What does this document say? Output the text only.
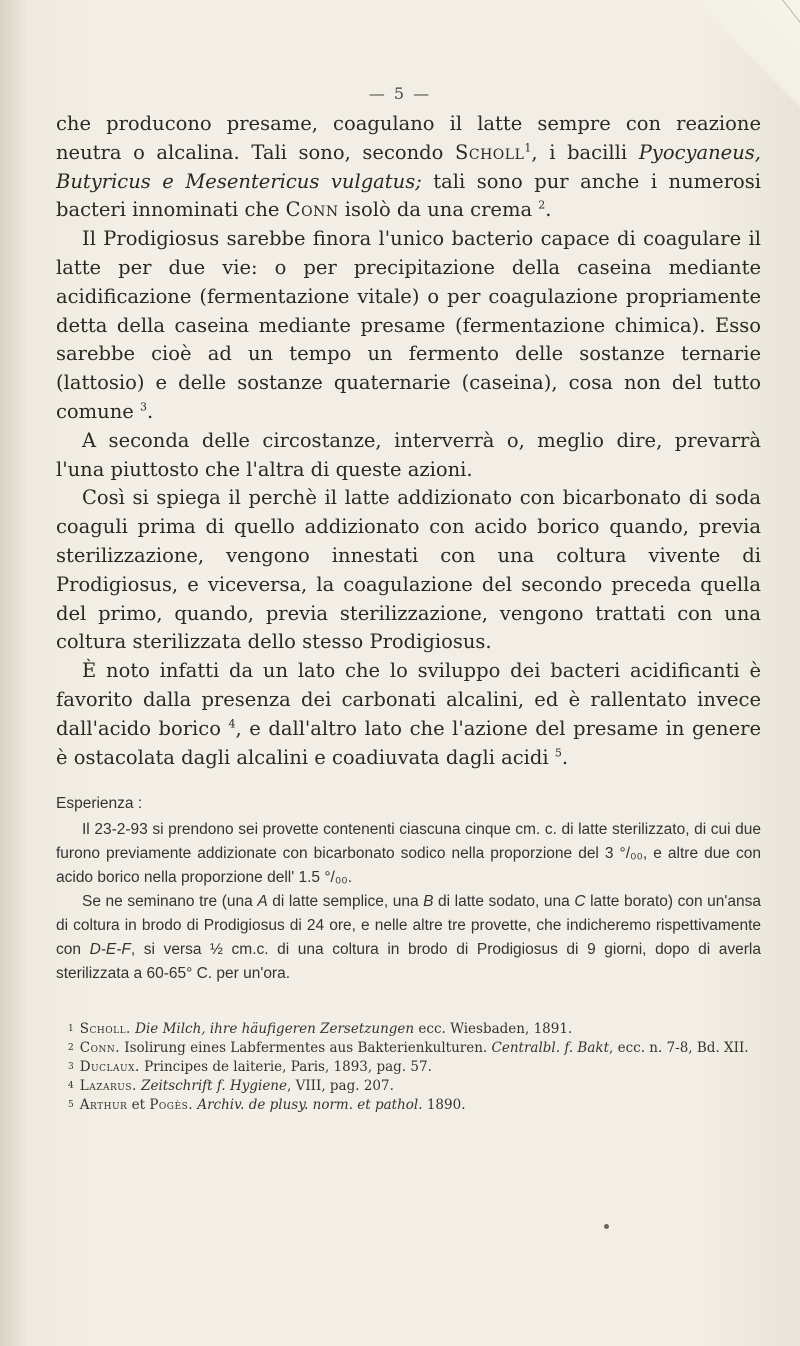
— 5 —

che producono presame, coagulano il latte sempre con reazione neutra o alcalina. Tali sono, secondo Scholl$^1$, i bacilli Pyocyaneus, Butyricus e Mesentericus vulgatus; tali sono pur anche i numerosi bacteri innominati che Conn isolò da una crema $^2$.

Il Prodigiosus sarebbe finora l'unico bacterio capace di coagulare il latte per due vie: o per precipitazione della caseina mediante acidificazione (fermentazione vitale) o per coagulazione propriamente detta della caseina mediante presame (fermentazione chimica). Esso sarebbe cioè ad un tempo un fermento delle sostanze ternarie (lattosio) e delle sostanze quaternarie (caseina), cosa non del tutto comune $^3$.

A seconda delle circostanze, interverrà o, meglio dire, prevarrà l'una piuttosto che l'altra di queste azioni.

Così si spiega il perchè il latte addizionato con bicarbonato di soda coaguli prima di quello addizionato con acido borico quando, previa sterilizzazione, vengono innestati con una coltura vivente di Prodigiosus, e viceversa, la coagulazione del secondo preceda quella del primo, quando, previa sterilizzazione, vengono trattati con una coltura sterilizzata dello stesso Prodigiosus.

È noto infatti da un lato che lo sviluppo dei bacteri acidificanti è favorito dalla presenza dei carbonati alcalini, ed è rallentato invece dall'acido borico $^4$, e dall'altro lato che l'azione del presame in genere è ostacolata dagli alcalini e coadiuvata dagli acidi $^5$.

Esperienza :

Il 23-2-93 si prendono sei provette contenenti ciascuna cinque cm. c. di latte sterilizzato, di cui due furono previamente addizionate con bicarbonato sodico nella proporzione del 3 °/₀₀, e altre due con acido borico nella proporzione dell' 1.5 °/₀₀.

Se ne seminano tre (una A di latte semplice, una B di latte sodato, una C latte borato) con un'ansa di coltura in brodo di Prodigiosus di 24 ore, e nelle altre tre provette, che indicheremo rispettivamente con D-E-F, si versa ½ cm.c. di una coltura in brodo di Prodigiosus di 9 giorni, dopo di averla sterilizzata a 60-65° C. per un'ora.

$^1$ Scholl. Die Milch, ihre häufigeren Zersetzungen ecc. Wiesbaden, 1891.

$^2$ Conn. Isolirung eines Labfermentes aus Bakterienkulturen. Centralbl. f. Bakt, ecc. n. 7-8, Bd. XII.

$^3$ Duclaux. Principes de laiterie, Paris, 1893, pag. 57.

$^4$ Lazarus. Zeitschrift f. Hygiene, VIII, pag. 207.

$^5$ Arthur et Pogès. Archiv. de plusy. norm. et pathol. 1890.
